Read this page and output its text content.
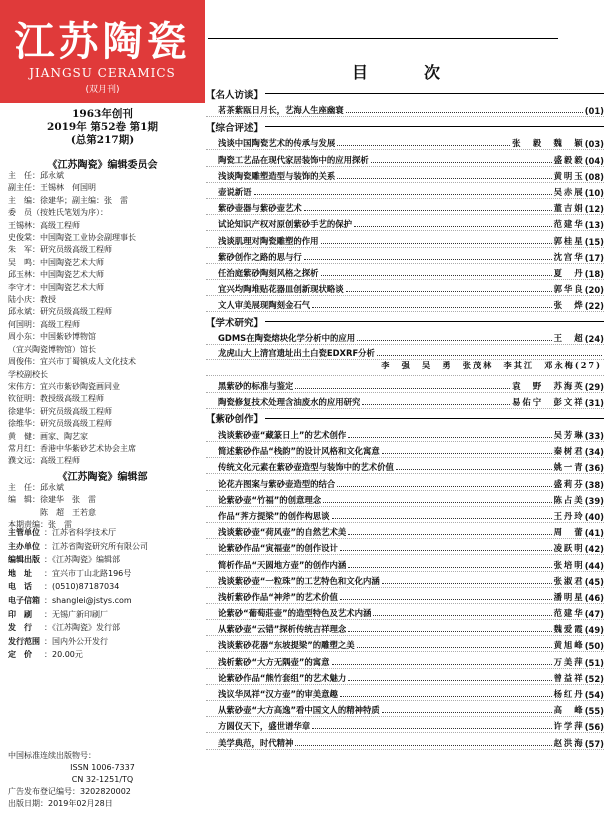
江苏陶瓷
JIANGSU CERAMICS
(双月刊)
1963年创刊
2019年 第52卷 第1期
(总第217期)
《江苏陶瓷》编辑委员会
主　任：邱永斌
副主任：王锡林　何国明
主　编：徐建华；副主编：张　雷
委　员（按姓氏笔划为序）：
王锡林：高级工程师
史俊棠：中国陶瓷工业协会副理事长
朱　军：研究员级高级工程师
吴　鸣：中国陶瓷艺术大师
邱玉林：中国陶瓷艺术大师
李守才：中国陶瓷艺术大师
陆小庆：教授
邱永斌：研究员级高级工程师
何国明：高级工程师
周小东：中国紫砂博物馆
（宜兴陶瓷博物馆）馆长
周俊伟：宜兴市丁蜀镇成人文化技术
学校副校长
宋伟方：宜兴市紫砂陶瓷画同业
钦征明：教授级高级工程师
徐建华：研究员级高级工程师
徐维华：研究员级高级工程师
黄　健：画家、陶艺家
常月红：香港中华紫砂艺术协会主席
濮文远：高级工程师
《江苏陶瓷》编辑部
主　任：邱永斌
编　辑：徐建华　张　雷
　　　　陈　超　王若意
本期责编：张　雷
主管单位 ：江苏省科学技术厅
主办单位 ：江苏省陶瓷研究所有限公司
编辑出版 ：《江苏陶瓷》编辑部
地　址 ：宜兴市丁山北路196号
电　话 ：(0510)87187034
电子信箱 ：shanglei@jstys.com
印　刷 ：无锡广新印刷厂
发　行 ：《江苏陶瓷》发行部
发行范围 ：国内外公开发行
定　价 ：20.00元
中国标准连续出版物号：
ISSN 1006-7337
CN 32-1251/TQ
广告发布登记编号：3202820002
出版日期：2019年02月28日
目　次
【名人访谈】
茗茶紫瓯日月长，艺海人生座幽寰	(01)
【综合评述】
浅谈中国陶瓷艺术的传承与发展	张　毅　魏　颖 (03)
陶瓷工艺品在现代家居装饰中的应用探析	盛毅毅 (04)
浅谈陶瓷雕塑造型与装饰的关系	黄明玉 (08)
壶说新语	吴赤展 (10)
紫砂壶器与紫砂壶艺术	董吉娟 (12)
试论知识产权对原创紫砂手艺的保护	范建华 (13)
浅谈肌理对陶瓷雕塑的作用	郭桂星 (15)
紫砂创作之路的思与行	沈宫华 (17)
任治庭紫砂陶刻风格之探析	夏　丹 (18)
宜兴均陶堆贴花器皿创新现状略谈	郭华良 (20)
文人审美展现陶刻金石气	张　烨 (22)
【学术研究】
GDMS在陶瓷熔块化学分析中的应用	王　超 (24)
龙虎山大上清宫遗址出土白瓷EDXRF分析
李　强　吴　勇　张茂林　李其江　邓永梅(27)
黑紫砂的标准与鉴定	袁　野　苏海英 (29)
陶瓷修复技术处理含油废水的应用研究	易佑宁　彭文祥 (31)
【紫砂创作】
浅谈紫砂壶“藏篆日上”的艺术创作	吴芳琳 (33)
简述紫砂作品“栈韵”的设计风格和文化寓意	秦树君 (34)
传统文化元素在紫砂壶造型与装饰中的艺术价值	姚一青 (36)
论花卉图案与紫砂壶造型的结合	盛莉芬 (38)
论紫砂壶“竹福”的创意理念	陈占美 (39)
作品“荠方提梁”的创作构思谈	王丹玲 (40)
浅谈紫砂壶“荷风壶”的自然艺术美	周　蕾 (41)
论紫砂作品“寅福壶”的创作设计	凌跃明 (42)
简析作品“天圆地方壶”的创作内涵	张培明 (44)
浅谈紫砂壶“一粒珠”的工艺特色和文化内涵	张淑君 (45)
浅析紫砂作品“神斧”的艺术价值	潘明星 (46)
论紫砂“葡萄莊壶”的造型特色及艺术内涵	范建华 (47)
从紫砂壶“云错”探析传统吉祥理念	魏爱霞 (49)
浅谈紫砂花器“东坡提梁”的雕塑之美	黄旭峰 (50)
浅析紫砂“大方无隅壶”的寓意	万美萍 (51)
论紫砂作品“熊竹套组”的艺术魅力	曾益祥 (52)
浅议华凤祥“汉方壶”的审美意趣	杨红丹 (54)
从紫砂壶“大方高逸”看中国文人的精神特质	高　峰 (55)
方圆仪天下，盛世谱华章	许学萍 (56)
美学典范，时代精神	赵洪海 (57)
